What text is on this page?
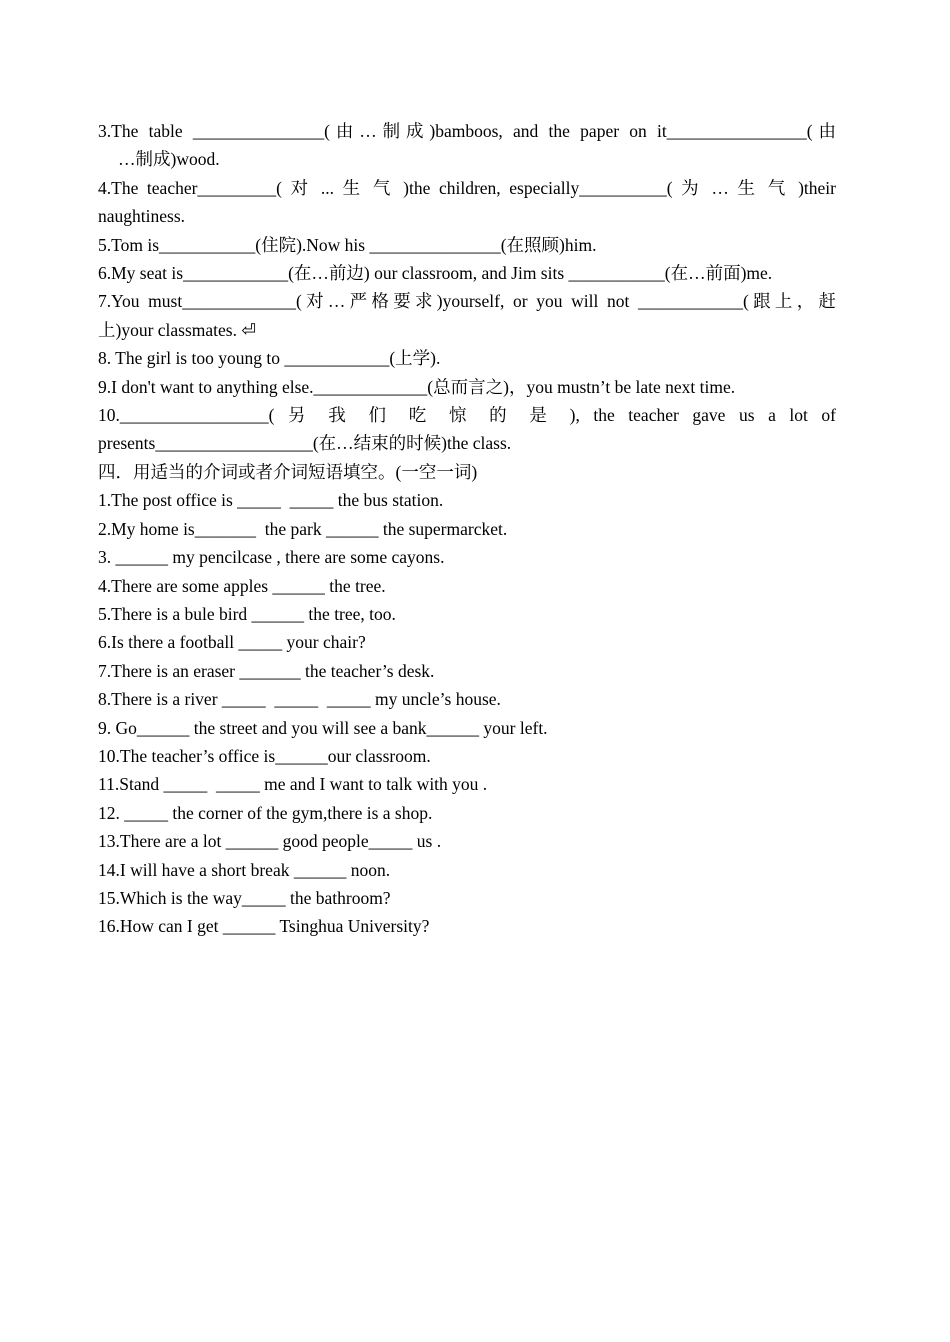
3.The table _______________(由…制成)bamboos, and the paper on it________________(由
…制成)wood.
4.The teacher_________( 对 ... 生 气 )the children, especially__________( 为 … 生 气 )their
naughtiness.
5.Tom is___________(住院).Now his _______________(在照顾)him.
6.My seat is____________(在…前边) our classroom, and Jim sits ___________(在…前面)me.
7.You must_____________(对…严格要求)yourself, or you will not ____________(跟上，赶
上)your classmates. ⏎
8. The girl is too young to ____________(上学).
9.I don't want to anything else._____________(总而言之)，you mustn’t be late next time.
10._________________( 另 我 们 吃 惊 的 是 ), the teacher gave us a lot of
presents__________________(在…结束的时候)the class.
四．用适当的介词或者介词短语填空。(一空一词)
1.The post office is _____  _____ the bus station.
2.My home is_______  the park ______ the supermarcket.
3. ______ my pencilcase , there are some cayons.
4.There are some apples ______ the tree.
5.There is a bule bird ______ the tree, too.
6.Is there a football _____ your chair?
7.There is an eraser _______ the teacher’s desk.
8.There is a river _____  _____  _____ my uncle’s house.
9. Go______ the street and you will see a bank______ your left.
10.The teacher’s office is______our classroom.
11.Stand _____  _____ me and I want to talk with you .
12. _____ the corner of the gym,there is a shop.
13.There are a lot ______ good people_____ us .
14.I will have a short break ______ noon.
15.Which is the way_____ the bathroom?
16.How can I get ______ Tsinghua University?
